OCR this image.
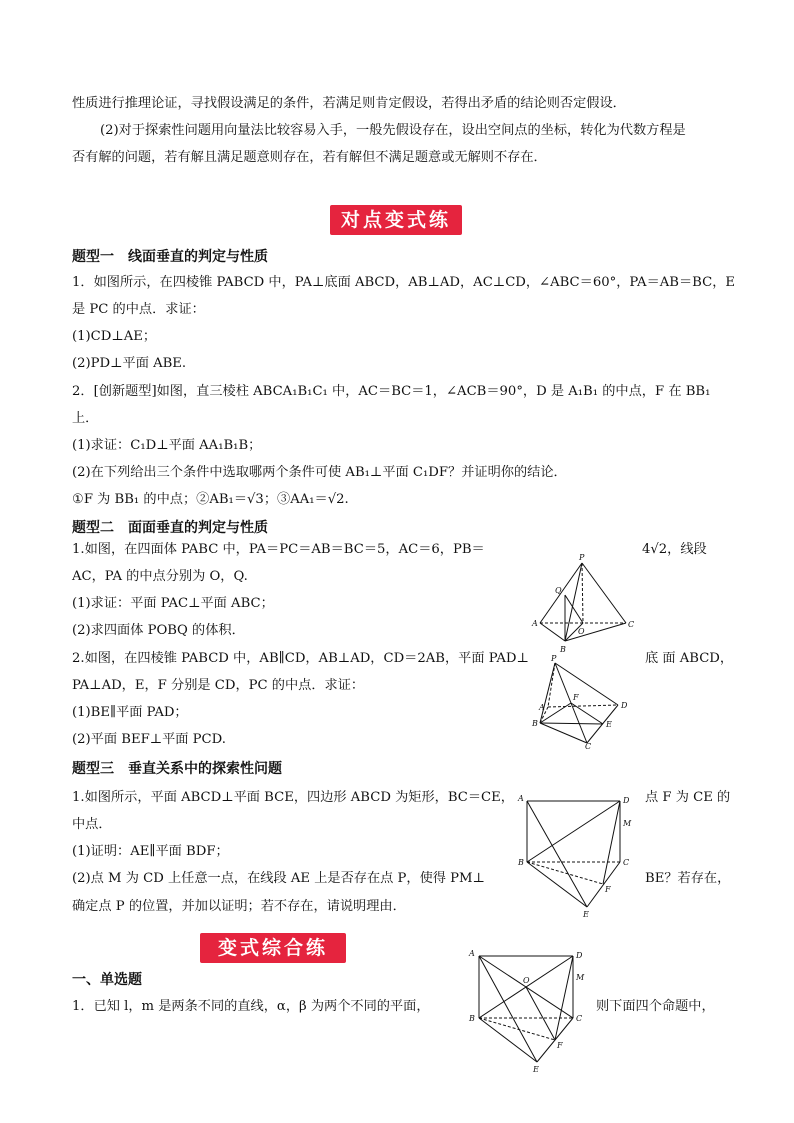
性质进行推理论证，寻找假设满足的条件，若满足则肯定假设，若得出矛盾的结论则否定假设．
(2)对于探索性问题用向量法比较容易入手，一般先假设存在，设出空间点的坐标，转化为代数方程是
否有解的问题，若有解且满足题意则存在，若有解但不满足题意或无解则不存在．
对点变式练
题型一　线面垂直的判定与性质
1．如图所示，在四棱锥 PABCD 中，PA⊥底面 ABCD，AB⊥AD，AC⊥CD，∠ABC＝60°，PA＝AB＝BC，E
是 PC 的中点．求证：
(1)CD⊥AE；
(2)PD⊥平面 ABE.
2．[创新题型]如图，直三棱柱 ABCA₁B₁C₁ 中，AC＝BC＝1，∠ACB＝90°，D 是 A₁B₁ 的中点，F 在 BB₁
上．
(1)求证：C₁D⊥平面 AA₁B₁B；
(2)在下列给出三个条件中选取哪两个条件可使 AB₁⊥平面 C₁DF？并证明你的结论．
①F 为 BB₁ 的中点；②AB₁＝√3；③AA₁＝√2.
题型二　面面垂直的判定与性质
1.如图，在四面体 PABC 中，PA＝PC＝AB＝BC＝5，AC＝6，PB＝	4√2，线段
AC，PA 的中点分别为 O，Q.
(1)求证：平面 PAC⊥平面 ABC；
(2)求四面体 POBQ 的体积．
2.如图，在四棱锥 PABCD 中，AB∥CD，AB⊥AD，CD＝2AB，平面 PAD⊥	底 面 ABCD，
PA⊥AD，E，F 分别是 CD，PC 的中点．求证：
(1)BE∥平面 PAD；
(2)平面 BEF⊥平面 PCD.
题型三　垂直关系中的探索性问题
1.如图所示，平面 ABCD⊥平面 BCE，四边形 ABCD 为矩形，BC＝CE，	点 F 为 CE 的
中点．
(1)证明：AE∥平面 BDF；
(2)点 M 为 CD 上任意一点，在线段 AE 上是否存在点 P，使得 PM⊥	BE？若存在，
确定点 P 的位置，并加以证明；若不存在，请说明理由．
变式综合练
一、单选题
1．已知 l，m 是两条不同的直线，α，β 为两个不同的平面，	则下面四个命题中，
P
Q
A
O
B
C
P
F
A
B
D
E
C
A	D
M
B	C
F
E
A	D
M
O
B	C
F
E
